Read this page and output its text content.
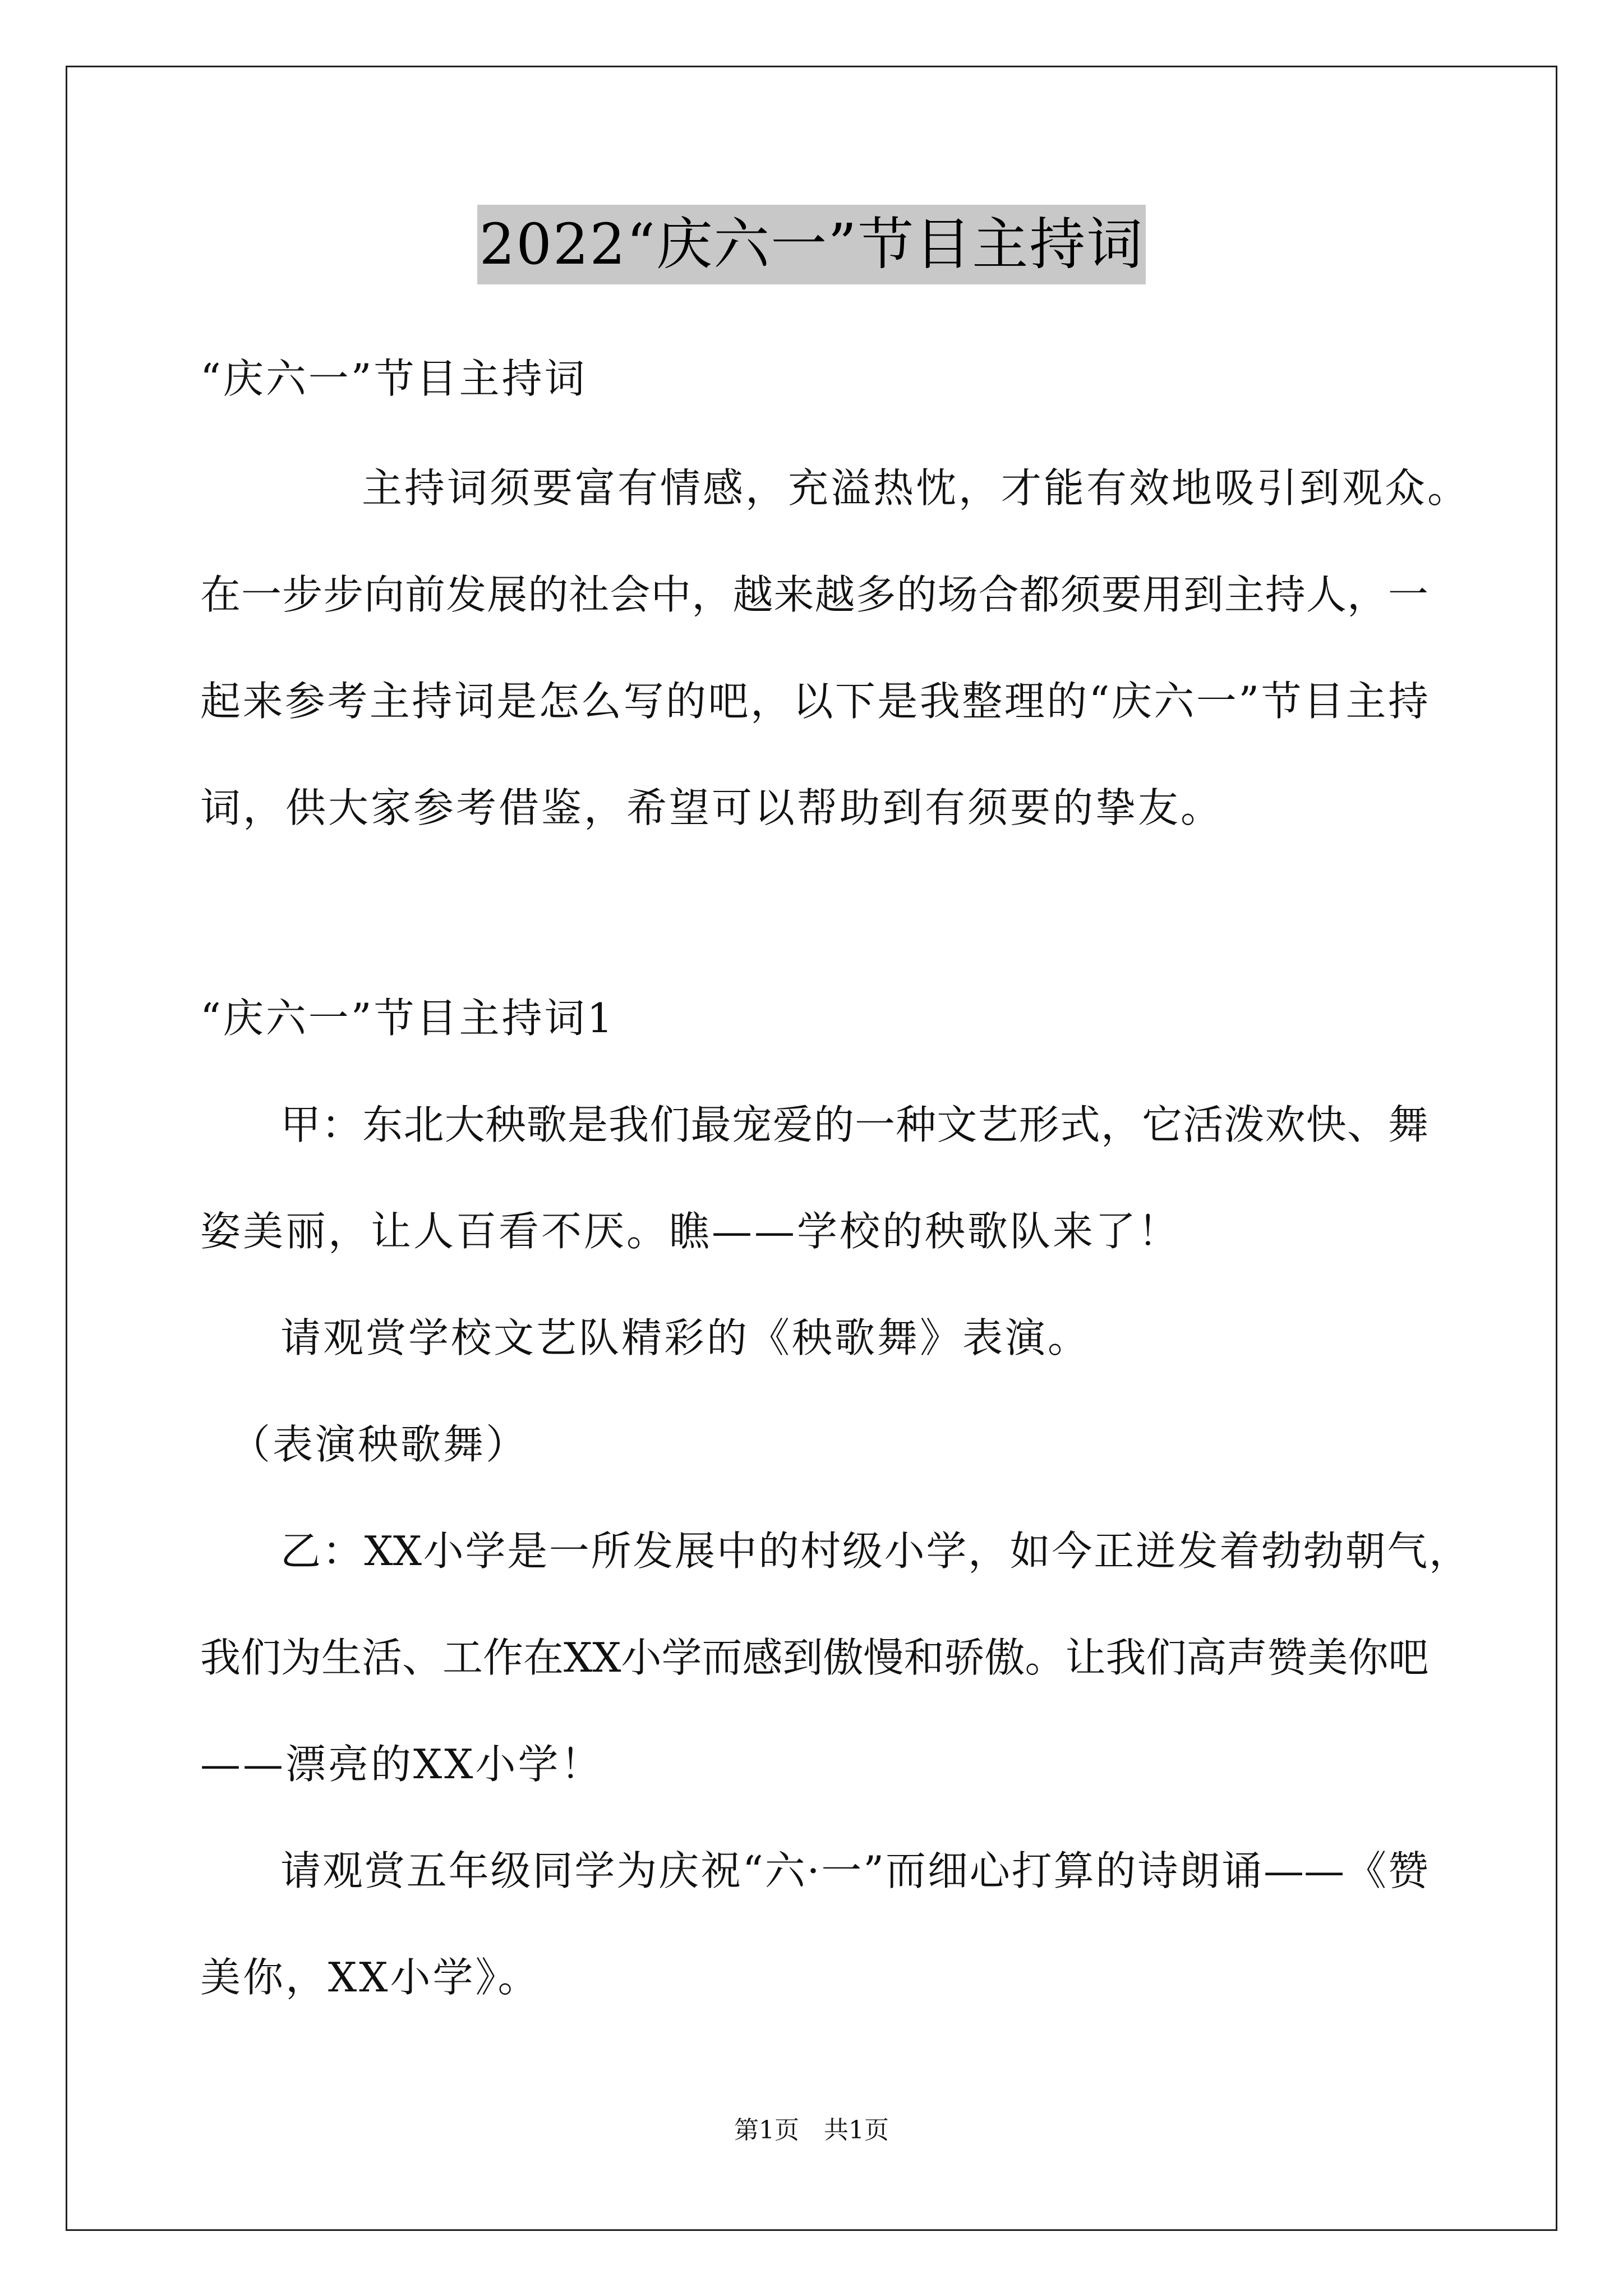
2022“庆六一”节目主持词
“庆六一”节目主持词
主持词须要富有情感，充溢热忱，才能有效地吸引到观众。
在一步步向前发展的社会中，越来越多的场合都须要用到主持人，一
起来参考主持词是怎么写的吧，以下是我整理的“庆六一”节目主持
词，供大家参考借鉴，希望可以帮助到有须要的挚友。
“庆六一”节目主持词1
甲：东北大秧歌是我们最宠爱的一种文艺形式，它活泼欢快、舞
姿美丽，让人百看不厌。瞧——学校的秧歌队来了！
请观赏学校文艺队精彩的《秧歌舞》表演。
（表演秧歌舞）
乙：XX小学是一所发展中的村级小学，如今正迸发着勃勃朝气，
我们为生活、工作在XX小学而感到傲慢和骄傲。让我们高声赞美你吧
——漂亮的XX小学！
请观赏五年级同学为庆祝“六·一”而细心打算的诗朗诵——《赞
美你，XX小学》。
第1页　共1页
